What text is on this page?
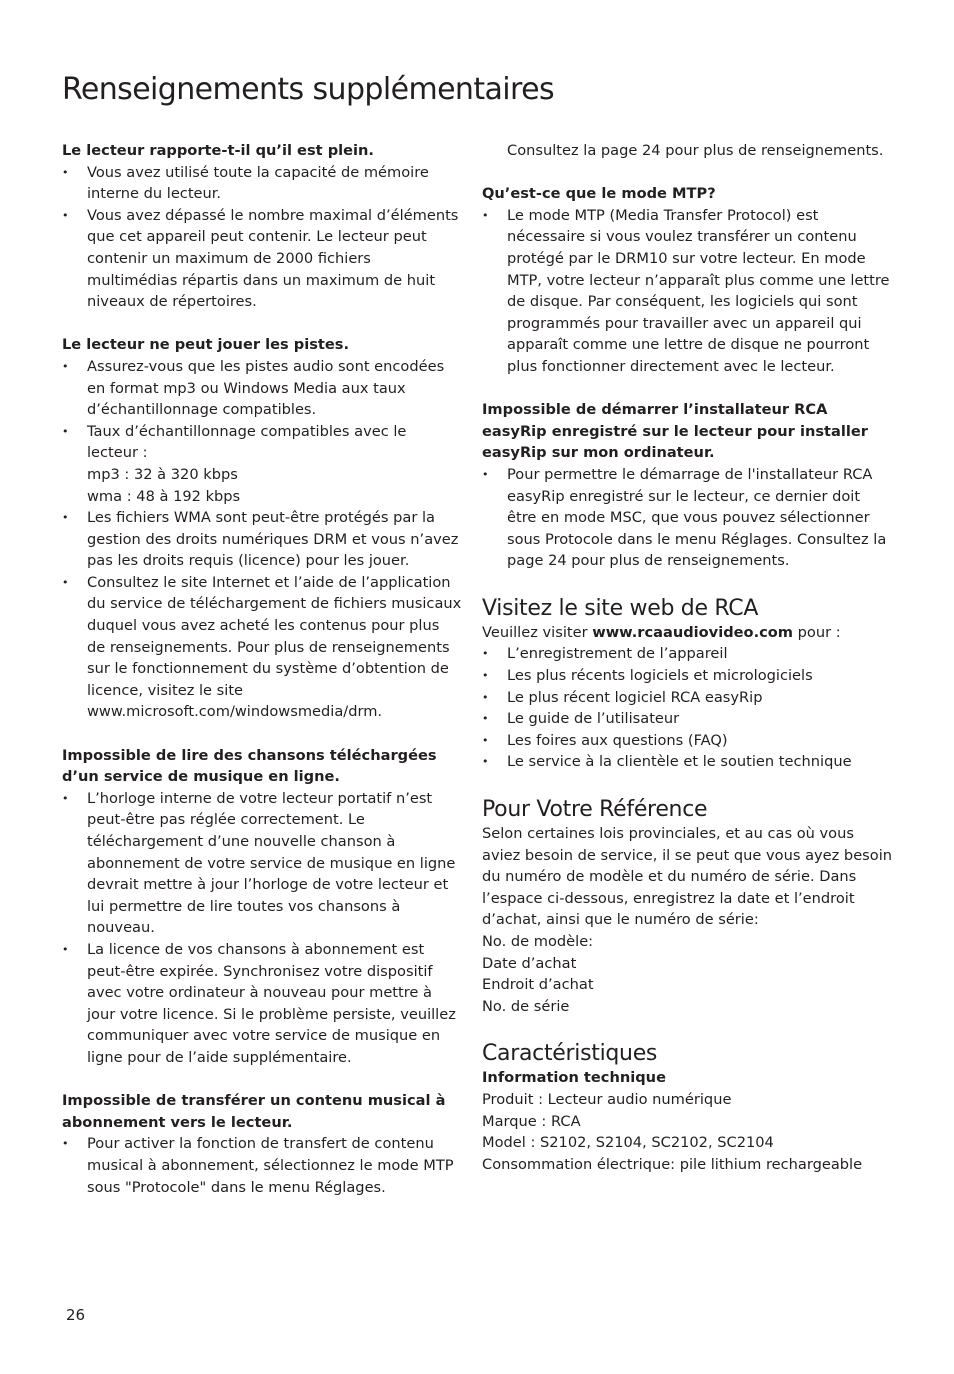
Renseignements supplémentaires
Le lecteur rapporte-t-il qu’il est plein.
• Vous avez utilisé toute la capacité de mémoire interne du lecteur.
• Vous avez dépassé le nombre maximal d’éléments que cet appareil peut contenir. Le lecteur peut contenir un maximum de 2000 fichiers multimédias répartis dans un maximum de huit niveaux de répertoires.
Le lecteur ne peut jouer les pistes.
• Assurez-vous que les pistes audio sont encodées en format mp3 ou Windows Media aux taux d’échantillonnage compatibles.
• Taux d’échantillonnage compatibles avec le lecteur :
mp3 : 32 à 320 kbps
wma : 48 à 192 kbps
• Les fichiers WMA sont peut-être protégés par la gestion des droits numériques DRM et vous n’avez pas les droits requis (licence) pour les jouer.
• Consultez le site Internet et l’aide de l’application du service de téléchargement de fichiers musicaux duquel vous avez acheté les contenus pour plus de renseignements. Pour plus de renseignements sur le fonctionnement du système d’obtention de licence, visitez le site www.microsoft.com/windowsmedia/drm.
Impossible de lire des chansons téléchargées d’un service de musique en ligne.
• L’horloge interne de votre lecteur portatif n’est peut-être pas réglée correctement. Le téléchargement d’une nouvelle chanson à abonnement de votre service de musique en ligne devrait mettre à jour l’horloge de votre lecteur et lui permettre de lire toutes vos chansons à nouveau.
• La licence de vos chansons à abonnement est peut-être expirée. Synchronisez votre dispositif avec votre ordinateur à nouveau pour mettre à jour votre licence. Si le problème persiste, veuillez communiquer avec votre service de musique en ligne pour de l’aide supplémentaire.
Impossible de transférer un contenu musical à abonnement vers le lecteur.
• Pour activer la fonction de transfert de contenu musical à abonnement, sélectionnez le mode MTP sous "Protocole" dans le menu Réglages.
Consultez la page 24 pour plus de renseignements.
Qu’est-ce que le mode MTP?
• Le mode MTP (Media Transfer Protocol) est nécessaire si vous voulez transférer un contenu protégé par le DRM10 sur votre lecteur. En mode MTP, votre lecteur n’apparaît plus comme une lettre de disque. Par conséquent, les logiciels qui sont programmés pour travailler avec un appareil qui apparaît comme une lettre de disque ne pourront plus fonctionner directement avec le lecteur.
Impossible de démarrer l’installateur RCA easyRip enregistré sur le lecteur pour installer easyRip sur mon ordinateur.
• Pour permettre le démarrage de l'installateur RCA easyRip enregistré sur le lecteur, ce dernier doit être en mode MSC, que vous pouvez sélectionner sous Protocole dans le menu Réglages. Consultez la page 24 pour plus de renseignements.
Visitez le site web de RCA
Veuillez visiter www.rcaaudiovideo.com pour :
• L’enregistrement de l’appareil
• Les plus récents logiciels et micrologiciels
• Le plus récent logiciel RCA easyRip
• Le guide de l’utilisateur
• Les foires aux questions (FAQ)
• Le service à la clientèle et le soutien technique
Pour Votre Référence
Selon certaines lois provinciales, et au cas où vous aviez besoin de service, il se peut que vous ayez besoin du numéro de modèle et du numéro de série. Dans l’espace ci-dessous, enregistrez la date et l’endroit d’achat, ainsi que le numéro de série:
No. de modèle:
Date d’achat
Endroit d’achat
No. de série
Caractéristiques
Information technique
Produit : Lecteur audio numérique
Marque : RCA
Model : S2102, S2104, SC2102, SC2104
Consommation électrique: pile lithium rechargeable
26
